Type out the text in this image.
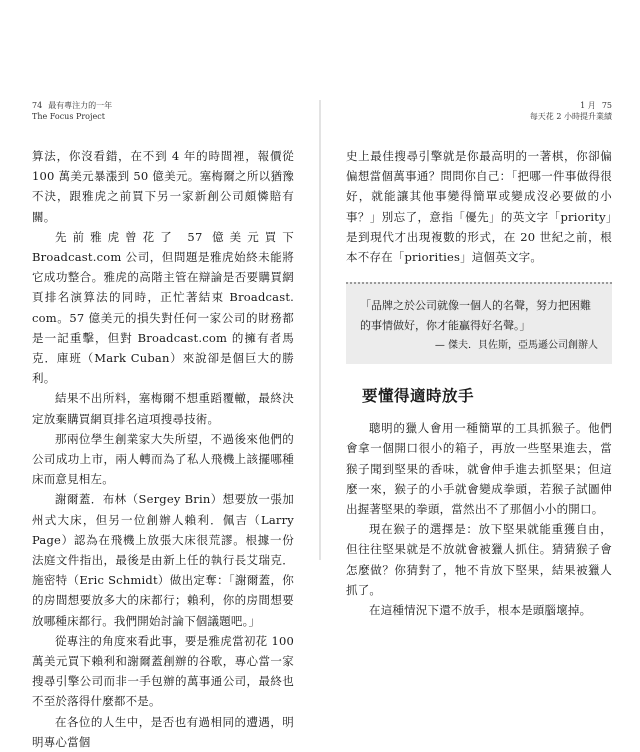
74 最有專注力的一年
The Focus Project

算法，你沒看錯，在不到 4 年的時間裡，報價從 100 萬美元暴漲到 50 億美元。塞梅爾之所以猶豫不決，跟雅虎之前買下另一家新創公司頗憐賠有關。

先前雅虎曾花了 57 億美元買下 Broadcast.com 公司，但問題是雅虎始終未能將它成功整合。雅虎的高階主管在辯論是否要購買網頁排名演算法的同時，正忙著結束 Broadcast. com。57 億美元的損失對任何一家公司的財務都是一記重擊，但對 Broadcast.com 的擁有者馬克．庫班（Mark Cuban）來說卻是個巨大的勝利。

結果不出所料，塞梅爾不想重蹈覆轍，最終決定放棄購買網頁排名這項搜尋技術。

那兩位學生創業家大失所望，不過後來他們的公司成功上市，兩人轉而為了私人飛機上該擺哪種床而意見相左。

謝爾蓋．布林（Sergey Brin）想要放一張加州式大床，但另一位創辦人賴利．佩吉（Larry Page）認為在飛機上放張大床很荒謬。根據一份法庭文件指出，最後是由新上任的執行長艾瑞克．施密特（Eric Schmidt）做出定奪：「謝爾蓋，你的房間想要放多大的床都行；賴利，你的房間想要放哪種床都行。我們開始討論下個議題吧。」

從專注的角度來看此事，要是雅虎當初花 100 萬美元買下賴利和謝爾蓋創辦的谷歌，專心當一家搜尋引擎公司而非一手包辦的萬事通公司，最終也不至於落得什麼都不是。

在各位的人生中，是否也有過相同的遭遇，明明專心當個

1 月 75
每天花 2 小時提升業績

史上最佳搜尋引擎就是你最高明的一著棋，你卻偏偏想當個萬事通？問問你自己：「把哪一件事做得很好，就能讓其他事變得簡單或變成沒必要做的小事？」別忘了，意指「優先」的英文字「priority」是到現代才出現複數的形式，在 20 世紀之前，根本不存在「priorities」這個英文字。

「品牌之於公司就像一個人的名聲，努力把困難的事情做好，你才能贏得好名聲。」

— 傑夫．貝佐斯，亞馬遜公司創辦人

要懂得適時放手

聰明的獵人會用一種簡單的工具抓猴子。他們會拿一個開口很小的箱子，再放一些堅果進去，當猴子聞到堅果的香味，就會伸手進去抓堅果；但這麼一來，猴子的小手就會變成拳頭，若猴子試圖伸出握著堅果的拳頭，當然出不了那個小小的開口。

現在猴子的選擇是：放下堅果就能重獲自由，但往往堅果就是不放就會被獵人抓住。猜猜猴子會怎麼做？你猜對了，牠不肯放下堅果，結果被獵人抓了。

在這種情況下還不放手，根本是頭腦壞掉。
